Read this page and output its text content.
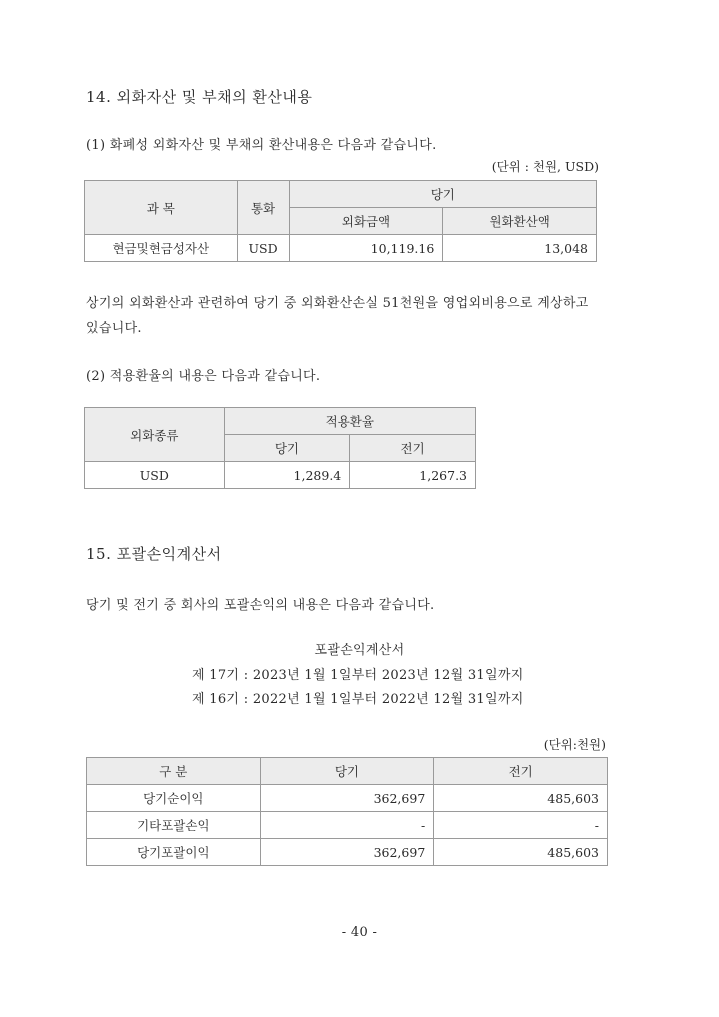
14. 외화자산 및 부채의 환산내용
(1) 화폐성 외화자산 및 부채의 환산내용은 다음과 같습니다.
(단위 : 천원, USD)
과 목	통화	당기	
		외화금액	원화환산액
현금및현금성자산	USD	10,119.16	13,048
상기의 외화환산과 관련하여 당기 중 외화환산손실 51천원을 영업외비용으로 계상하고
있습니다.
(2) 적용환율의 내용은 다음과 같습니다.
외화종류	적용환율	
	당기	전기
USD	1,289.4	1,267.3
15. 포괄손익계산서
당기 및 전기 중 회사의 포괄손익의 내용은 다음과 같습니다.
포괄손익계산서
제 17기 : 2023년 1월 1일부터 2023년 12월 31일까지
제 16기 : 2022년 1월 1일부터 2022년 12월 31일까지
(단위:천원)
구 분	당기	전기
당기순이익	362,697	485,603
기타포괄손익	-	-
당기포괄이익	362,697	485,603
- 40 -
